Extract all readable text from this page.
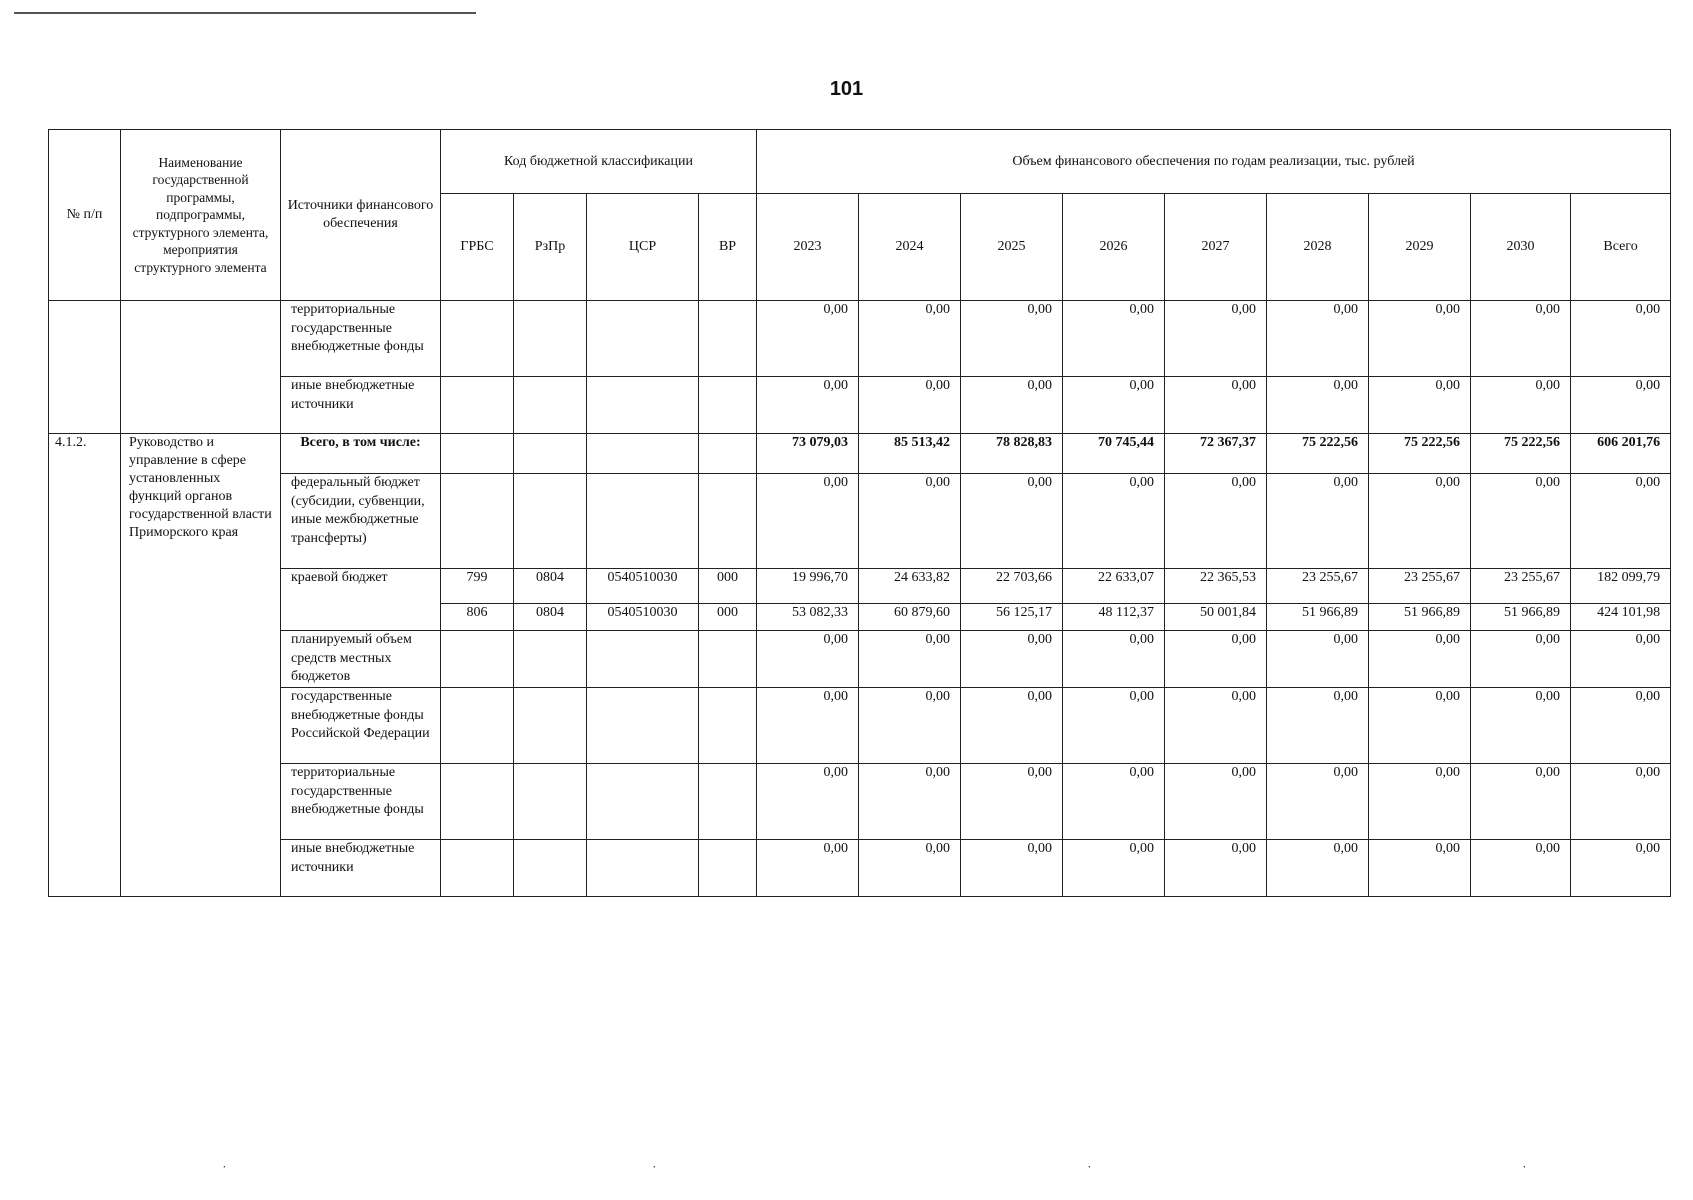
101
№ п/п	Наименование государственной программы, подпрограммы, структурного элемента, мероприятия структурного элемента	Источники финансового обеспечения	Код бюджетной классификации				Объем финансового обеспечения по годам реализации, тыс. рублей								
			ГРБС	РзПр	ЦСР	ВР	2023	2024	2025	2026	2027	2028	2029	2030	Всего
		территориальные государственные внебюджетные фонды					0,00	0,00	0,00	0,00	0,00	0,00	0,00	0,00	0,00
		иные внебюджетные источники					0,00	0,00	0,00	0,00	0,00	0,00	0,00	0,00	0,00
4.1.2.	Руководство и управление в сфере установленных функций органов государственной власти Приморского края	Всего, в том числе:					73 079,03	85 513,42	78 828,83	70 745,44	72 367,37	75 222,56	75 222,56	75 222,56	606 201,76
		федеральный бюджет (субсидии, субвенции, иные межбюджетные трансферты)					0,00	0,00	0,00	0,00	0,00	0,00	0,00	0,00	0,00
		краевой бюджет	799	0804	0540510030	000	19 996,70	24 633,82	22 703,66	22 633,07	22 365,53	23 255,67	23 255,67	23 255,67	182 099,79
			806	0804	0540510030	000	53 082,33	60 879,60	56 125,17	48 112,37	50 001,84	51 966,89	51 966,89	51 966,89	424 101,98
		планируемый объем средств местных бюджетов					0,00	0,00	0,00	0,00	0,00	0,00	0,00	0,00	0,00
		государственные внебюджетные фонды Российской Федерации					0,00	0,00	0,00	0,00	0,00	0,00	0,00	0,00	0,00
		территориальные государственные внебюджетные фонды					0,00	0,00	0,00	0,00	0,00	0,00	0,00	0,00	0,00
		иные внебюджетные источники					0,00	0,00	0,00	0,00	0,00	0,00	0,00	0,00	0,00
˙	˙	˙	˙
